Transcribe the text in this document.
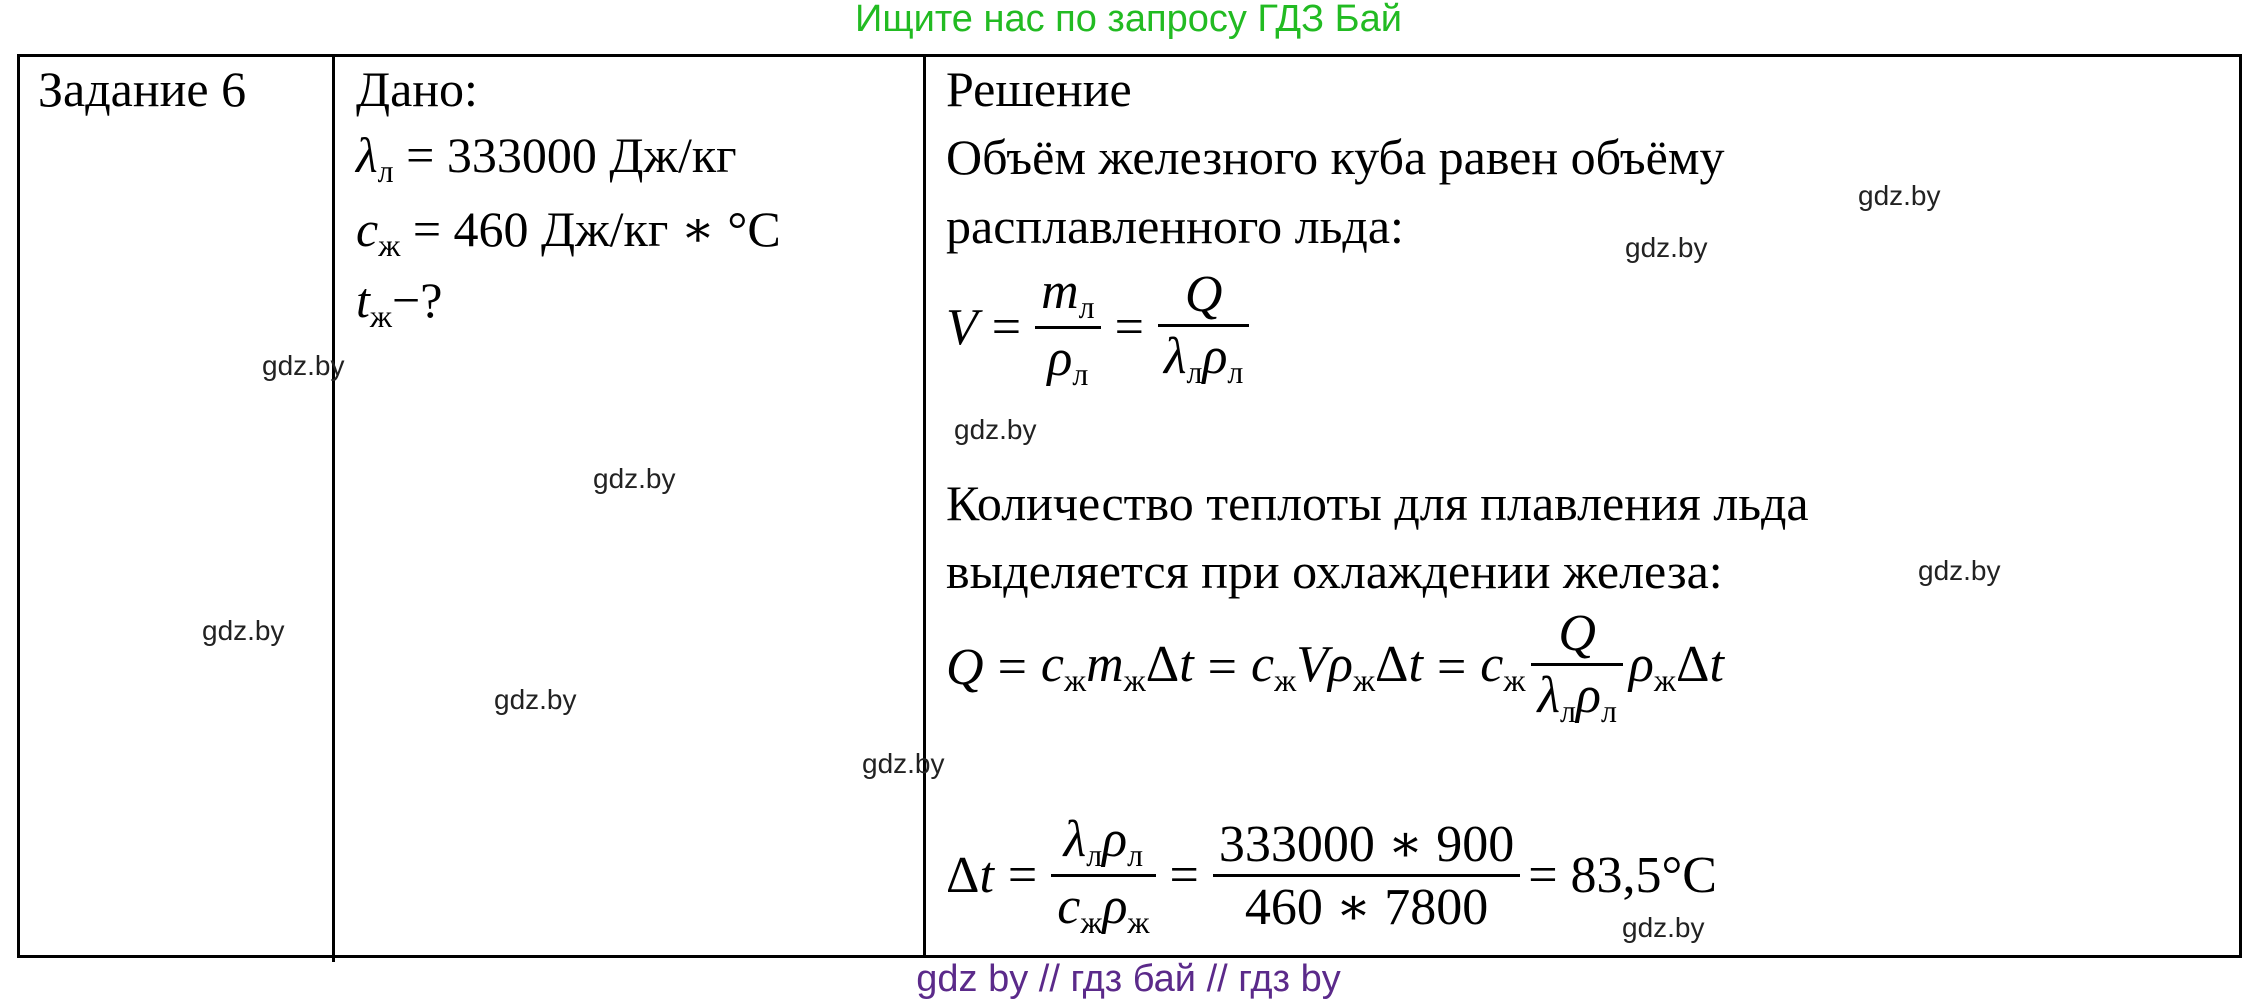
Ищите нас по запросу ГДЗ Бай
Задание 6 Дано:
$\lambda_л = 333000$ Дж/кг
$c_ж = 460$ Дж/кг ∗ °C
$t_ж-$?
Решение
Объём железного куба равен объёму
расплавленного льда:
$V = \frac{m_л}{\rho_л} = \frac{Q}{\lambda_л\rho_л}$
Количество теплоты для плавления льда
выделяется при охлаждении железа:
$Q = c_жm_ж\Delta t = c_жV\rho_ж\Delta t = c_ж \frac{Q}{\lambda_л\rho_л} \rho_ж\Delta t$
$\Delta t = \frac{\lambda_л\rho_л}{c_ж\rho_ж} = \frac{333000 ∗ 900}{460 ∗ 7800} = 83,5^\circ C$
gdz.by
gdz.by
gdz.by
gdz.by
gdz.by
gdz.by
gdz.by
gdz.by
gdz.by
gdz.by
gdz by // гдз бай // гдз by
